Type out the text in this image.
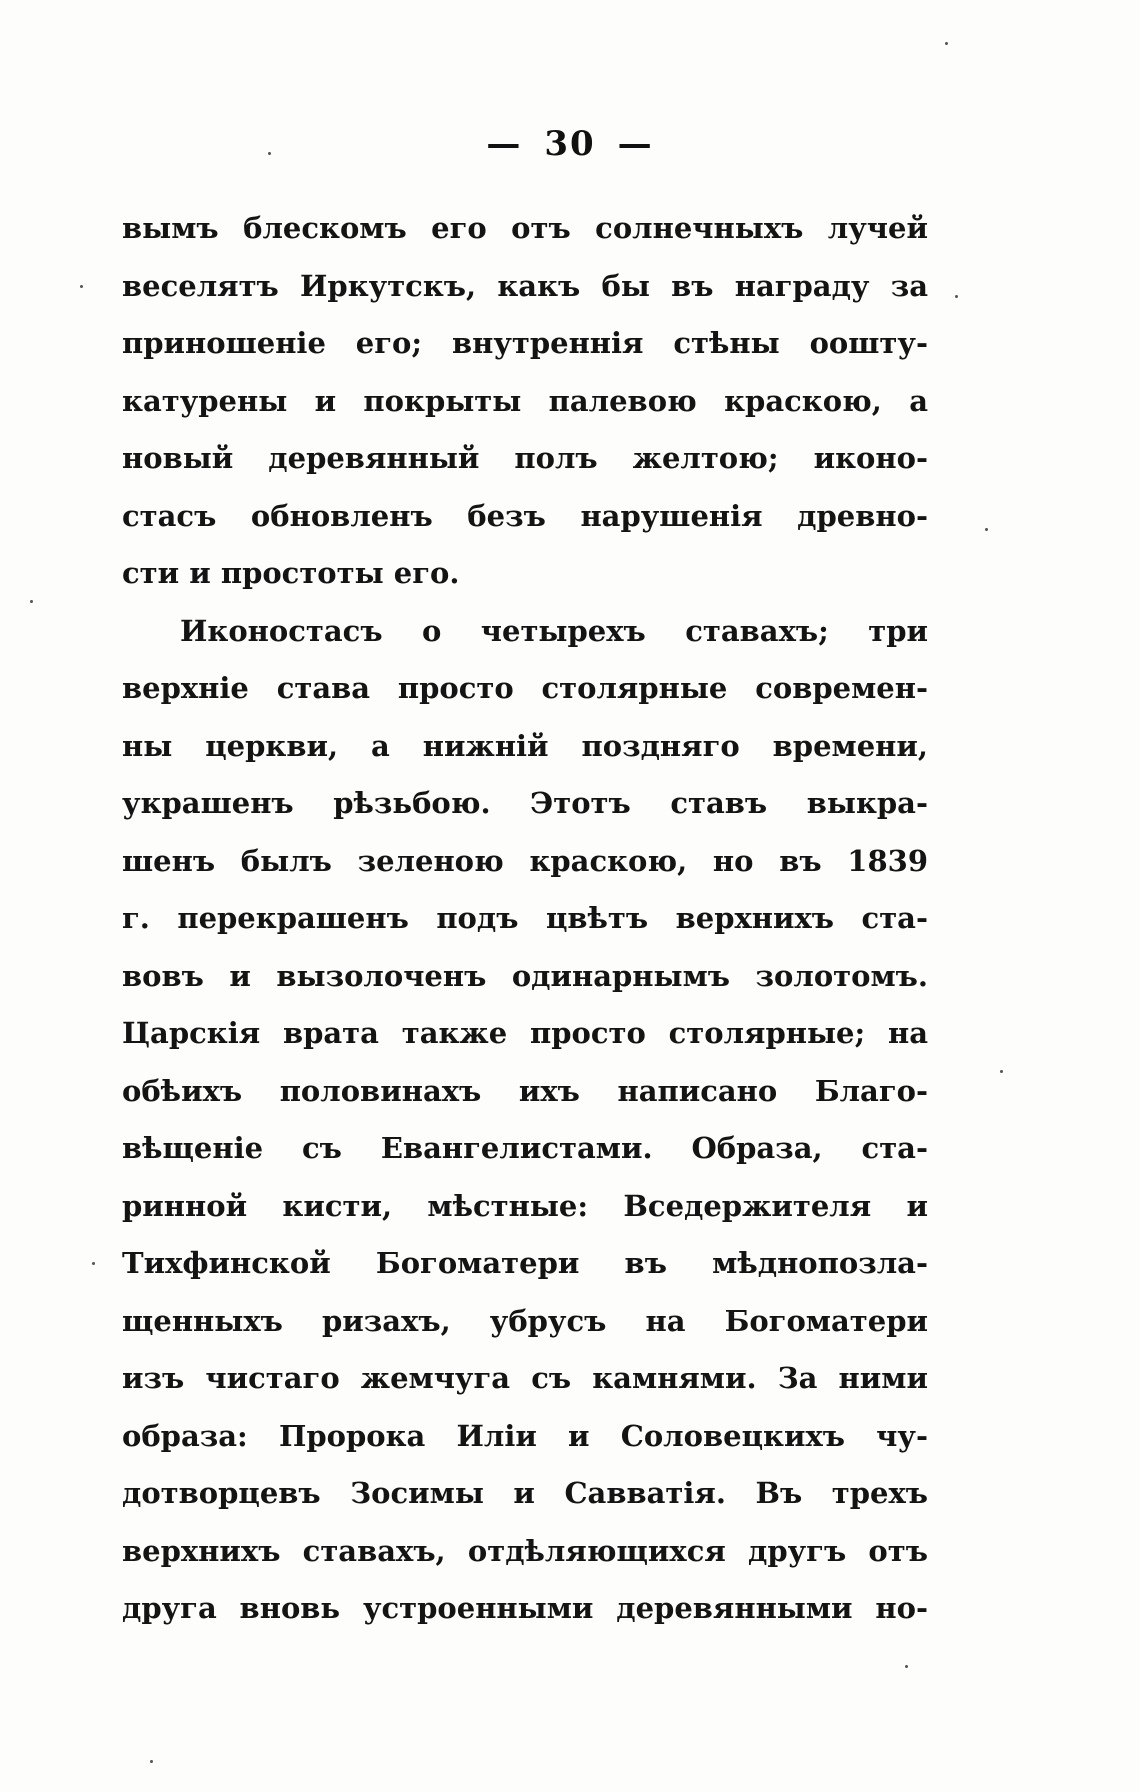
— 30 —
вымъ блескомъ его отъ солнечныхъ лучей
веселятъ Иркутскъ, какъ бы въ награду за
приношеніе его; внутреннія стѣны оошту-
катурены и покрыты палевою краскою, а
новый деревянный полъ желтою; иконо-
стасъ обновленъ безъ нарушенія древно-
сти и простоты его.
Иконостасъ о четырехъ ставахъ; три
верхніе става просто столярные современ-
ны церкви, а нижній поздняго времени,
украшенъ рѣзьбою. Этотъ ставъ выкра-
шенъ былъ зеленою краскою, но въ 1839
г. перекрашенъ подъ цвѣтъ верхнихъ ста-
вовъ и вызолоченъ одинарнымъ золотомъ.
Царскія врата также просто столярные; на
обѣихъ половинахъ ихъ написано Благо-
вѣщеніе съ Евангелистами. Образа, ста-
ринной кисти, мѣстные: Вседержителя и
Тихфинской Богоматери въ мѣднопозла-
щенныхъ ризахъ, убрусъ на Богоматери
изъ чистаго жемчуга съ камнями. За ними
образа: Пророка Иліи и Соловецкихъ чу-
дотворцевъ Зосимы и Савватія. Въ трехъ
верхнихъ ставахъ, отдѣляющихся другъ отъ
друга вновь устроенными деревянными но-
